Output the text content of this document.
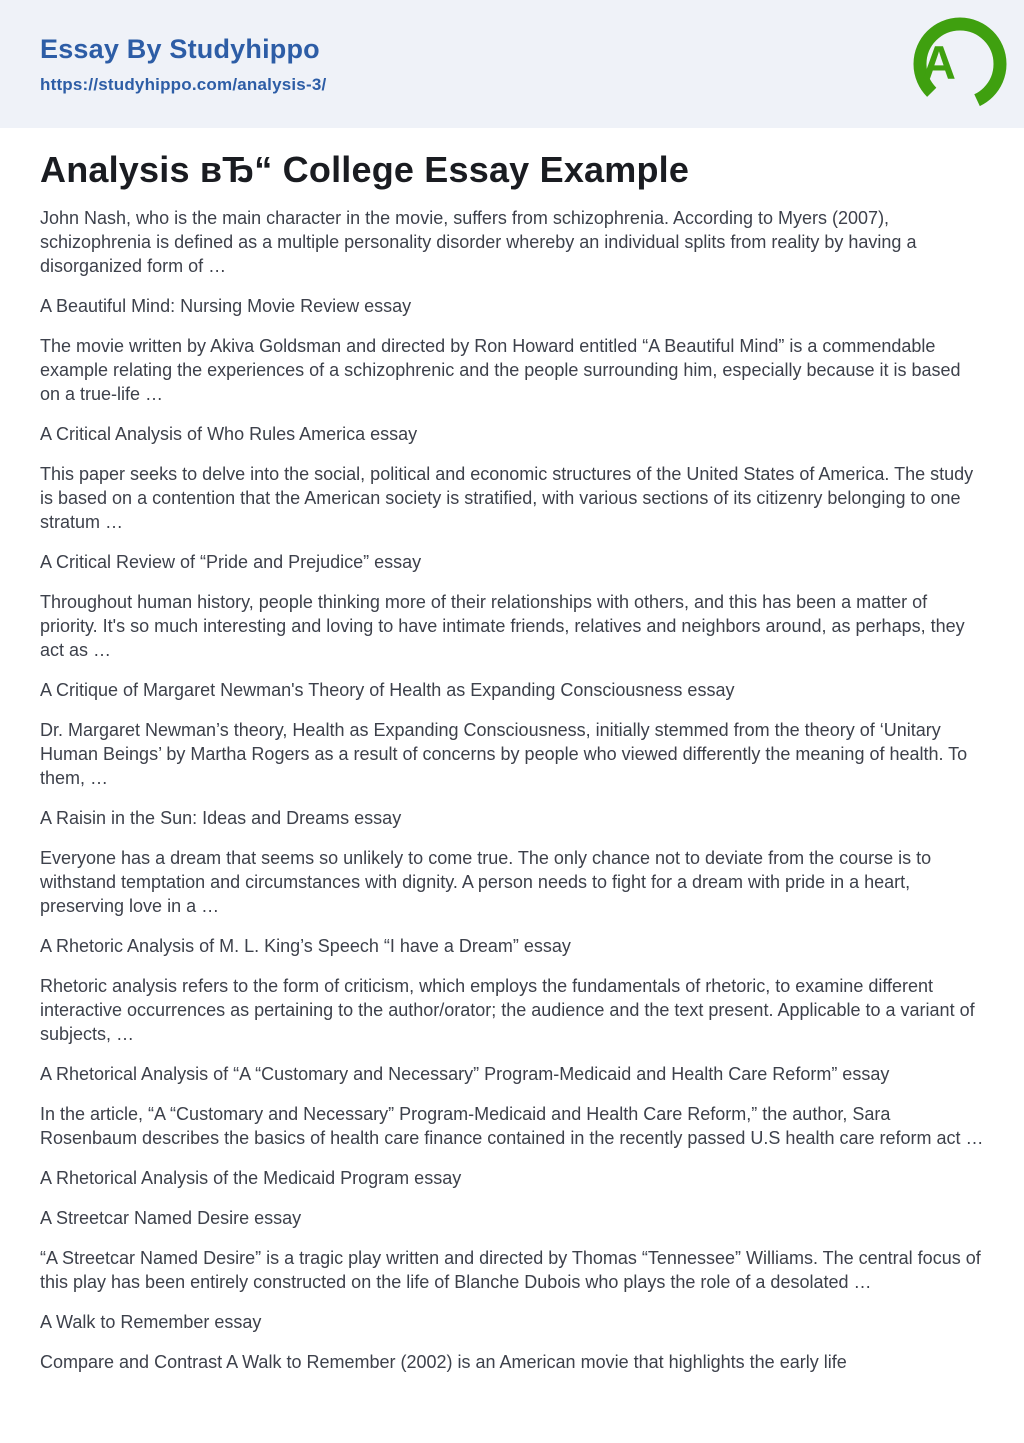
Essay By Studyhippo
https://studyhippo.com/analysis-3/	A
Analysis вЂ“ College Essay Example

John Nash, who is the main character in the movie, suffers from schizophrenia. According to Myers (2007), schizophrenia is defined as a multiple personality disorder whereby an individual splits from reality by having a disorganized form of …

A Beautiful Mind: Nursing Movie Review essay

The movie written by Akiva Goldsman and directed by Ron Howard entitled “A Beautiful Mind” is a commendable example relating the experiences of a schizophrenic and the people surrounding him, especially because it is based on a true-life …

A Critical Analysis of Who Rules America essay

This paper seeks to delve into the social, political and economic structures of the United States of America. The study is based on a contention that the American society is stratified, with various sections of its citizenry belonging to one stratum …

A Critical Review of “Pride and Prejudice” essay

Throughout human history, people thinking more of their relationships with others, and this has been a matter of priority. It's so much interesting and loving to have intimate friends, relatives and neighbors around, as perhaps, they act as …

A Critique of Margaret Newman's Theory of Health as Expanding Consciousness essay

Dr. Margaret Newman’s theory, Health as Expanding Consciousness, initially stemmed from the theory of ‘Unitary Human Beings’ by Martha Rogers as a result of concerns by people who viewed differently the meaning of health. To them, …

A Raisin in the Sun: Ideas and Dreams essay

Everyone has a dream that seems so unlikely to come true. The only chance not to deviate from the course is to withstand temptation and circumstances with dignity. A person needs to fight for a dream with pride in a heart, preserving love in a …

A Rhetoric Analysis of M. L. King’s Speech “I have a Dream” essay

Rhetoric analysis refers to the form of criticism, which employs the fundamentals of rhetoric, to examine different interactive occurrences as pertaining to the author/orator; the audience and the text present. Applicable to a variant of subjects, …

A Rhetorical Analysis of “A “Customary and Necessary” Program-Medicaid and Health Care Reform” essay

In the article, “A “Customary and Necessary” Program-Medicaid and Health Care Reform,” the author, Sara Rosenbaum describes the basics of health care finance contained in the recently passed U.S health care reform act …

A Rhetorical Analysis of the Medicaid Program essay

A Streetcar Named Desire essay

“A Streetcar Named Desire” is a tragic play written and directed by Thomas “Tennessee” Williams. The central focus of this play has been entirely constructed on the life of Blanche Dubois who plays the role of a desolated …

A Walk to Remember essay

Compare and Contrast A Walk to Remember (2002) is an American movie that highlights the early life
